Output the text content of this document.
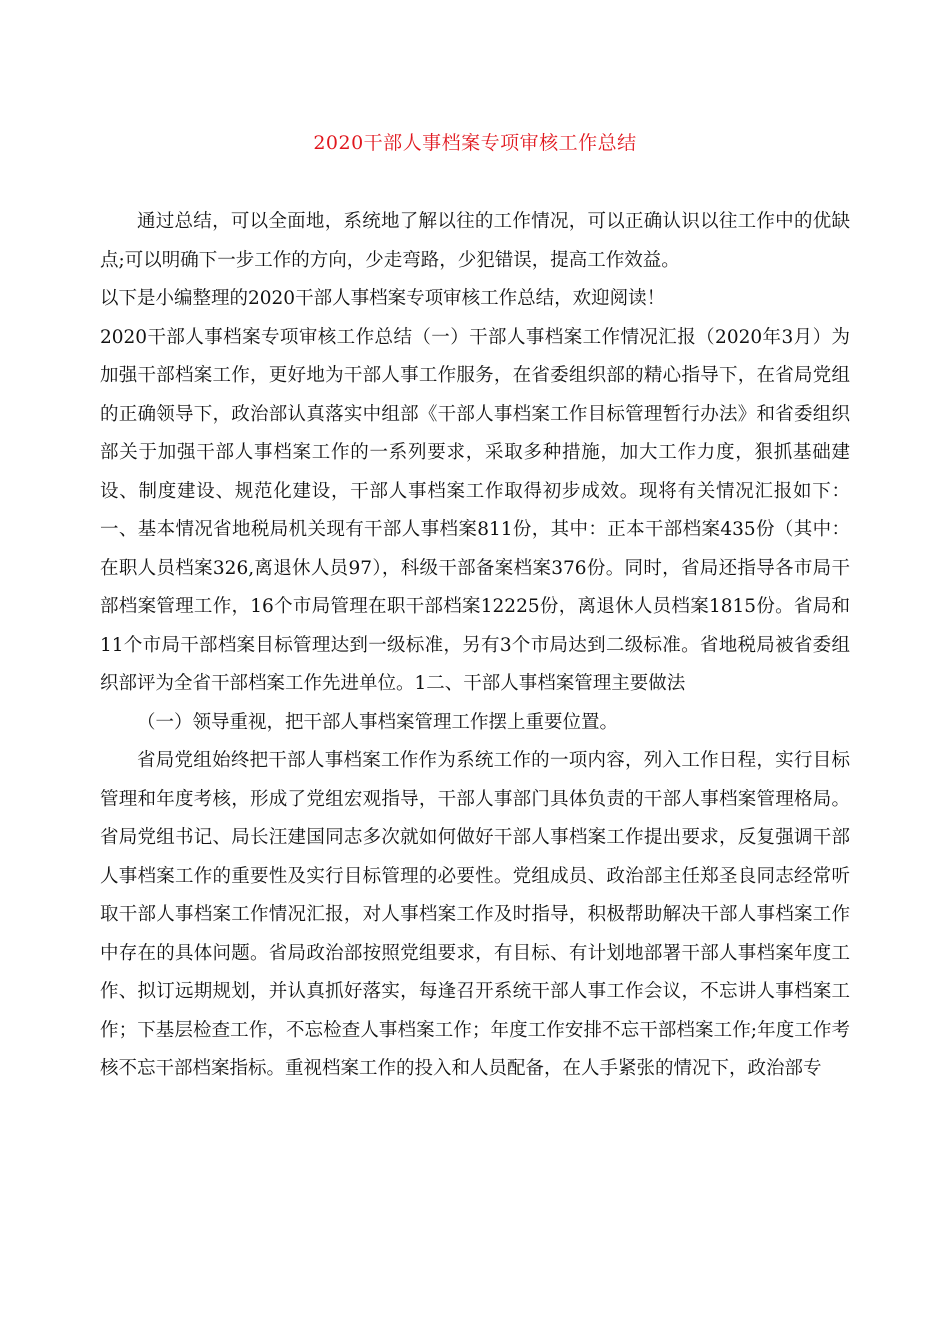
2020干部人事档案专项审核工作总结

通过总结，可以全面地，系统地了解以往的工作情况，可以正确认识以往工作中的优缺点;可以明确下一步工作的方向，少走弯路，少犯错误，提高工作效益。

以下是小编整理的2020干部人事档案专项审核工作总结，欢迎阅读！

2020干部人事档案专项审核工作总结（一）干部人事档案工作情况汇报（2020年3月）为加强干部档案工作，更好地为干部人事工作服务，在省委组织部的精心指导下，在省局党组的正确领导下，政治部认真落实中组部《干部人事档案工作目标管理暂行办法》和省委组织部关于加强干部人事档案工作的一系列要求，采取多种措施，加大工作力度，狠抓基础建设、制度建设、规范化建设，干部人事档案工作取得初步成效。现将有关情况汇报如下：一、基本情况省地税局机关现有干部人事档案811份，其中：正本干部档案435份（其中：在职人员档案326,离退休人员97），科级干部备案档案376份。同时，省局还指导各市局干部档案管理工作，16个市局管理在职干部档案12225份，离退休人员档案1815份。省局和11个市局干部档案目标管理达到一级标准，另有3个市局达到二级标准。省地税局被省委组织部评为全省干部档案工作先进单位。1二、干部人事档案管理主要做法

（一）领导重视，把干部人事档案管理工作摆上重要位置。

省局党组始终把干部人事档案工作作为系统工作的一项内容，列入工作日程，实行目标管理和年度考核，形成了党组宏观指导，干部人事部门具体负责的干部人事档案管理格局。省局党组书记、局长汪建国同志多次就如何做好干部人事档案工作提出要求，反复强调干部人事档案工作的重要性及实行目标管理的必要性。党组成员、政治部主任郑圣良同志经常听取干部人事档案工作情况汇报，对人事档案工作及时指导，积极帮助解决干部人事档案工作中存在的具体问题。省局政治部按照党组要求，有目标、有计划地部署干部人事档案年度工作、拟订远期规划，并认真抓好落实，每逢召开系统干部人事工作会议，不忘讲人事档案工作；下基层检查工作，不忘检查人事档案工作；年度工作安排不忘干部档案工作;年度工作考核不忘干部档案指标。重视档案工作的投入和人员配备，在人手紧张的情况下，政治部专
